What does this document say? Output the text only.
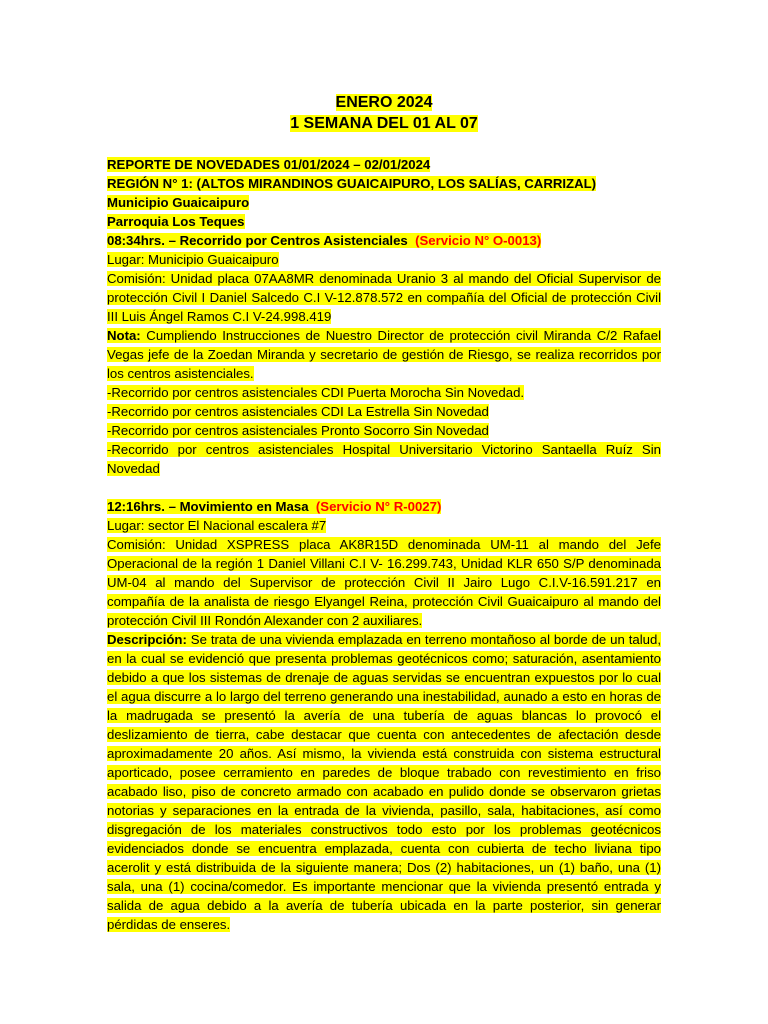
ENERO 2024
1 SEMANA DEL 01 AL 07

REPORTE DE NOVEDADES 01/01/2024 – 02/01/2024

REGIÓN N° 1: (ALTOS MIRANDINOS GUAICAIPURO, LOS SALÍAS, CARRIZAL)

Municipio Guaicaipuro

Parroquia Los Teques

08:34hrs. – Recorrido por Centros Asistenciales (Servicio N° O-0013)

Lugar: Municipio Guaicaipuro

Comisión: Unidad placa 07AA8MR denominada Uranio 3 al mando del Oficial Supervisor de protección Civil I Daniel Salcedo C.I V-12.878.572 en compañía del Oficial de protección Civil III Luis Ángel Ramos C.I V-24.998.419

Nota: Cumpliendo Instrucciones de Nuestro Director de protección civil Miranda C/2 Rafael Vegas jefe de la Zoedan Miranda y secretario de gestión de Riesgo, se realiza recorridos por los centros asistenciales.

-Recorrido por centros asistenciales CDI Puerta Morocha Sin Novedad.

-Recorrido por centros asistenciales CDI La Estrella Sin Novedad

-Recorrido por centros asistenciales Pronto Socorro Sin Novedad

-Recorrido por centros asistenciales Hospital Universitario Victorino Santaella Ruíz Sin Novedad

12:16hrs. – Movimiento en Masa (Servicio N° R-0027)

Lugar: sector El Nacional escalera #7

Comisión: Unidad XSPRESS placa AK8R15D denominada UM-11 al mando del Jefe Operacional de la región 1 Daniel Villani C.I V- 16.299.743, Unidad KLR 650 S/P denominada UM-04 al mando del Supervisor de protección Civil II Jairo Lugo C.I.V-16.591.217 en compañía de la analista de riesgo Elyangel Reina, protección Civil Guaicaipuro al mando del protección Civil III Rondón Alexander con 2 auxiliares.

Descripción: Se trata de una vivienda emplazada en terreno montañoso al borde de un talud, en la cual se evidenció que presenta problemas geotécnicos como; saturación, asentamiento debido a que los sistemas de drenaje de aguas servidas se encuentran expuestos por lo cual el agua discurre a lo largo del terreno generando una inestabilidad, aunado a esto en horas de la madrugada se presentó la avería de una tubería de aguas blancas lo provocó el deslizamiento de tierra, cabe destacar que cuenta con antecedentes de afectación desde aproximadamente 20 años. Así mismo, la vivienda está construida con sistema estructural aporticado, posee cerramiento en paredes de bloque trabado con revestimiento en friso acabado liso, piso de concreto armado con acabado en pulido donde se observaron grietas notorias y separaciones en la entrada de la vivienda, pasillo, sala, habitaciones, así como disgregación de los materiales constructivos todo esto por los problemas geotécnicos evidenciados donde se encuentra emplazada, cuenta con cubierta de techo liviana tipo acerolit y está distribuida de la siguiente manera; Dos (2) habitaciones, un (1) baño, una (1) sala, una (1) cocina/comedor. Es importante mencionar que la vivienda presentó entrada y salida de agua debido a la avería de tubería ubicada en la parte posterior, sin generar pérdidas de enseres.
